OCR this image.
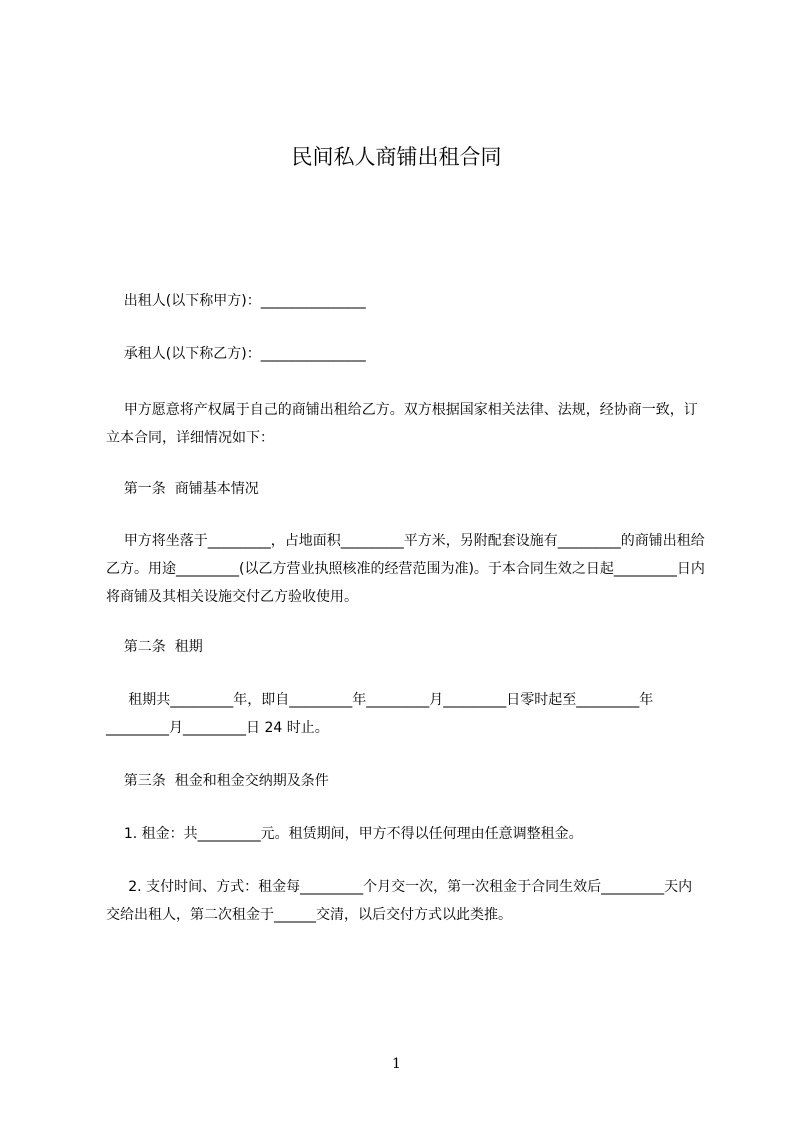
民间私人商铺出租合同

出租人(以下称甲方)：_______________

承租人(以下称乙方)：_______________

甲方愿意将产权属于自己的商铺出租给乙方。双方根据国家相关法律、法规，经协商一致，订立本合同，详细情况如下：

第一条  商铺基本情况

甲方将坐落于_________，占地面积_________平方米，另附配套设施有_________的商铺出租给乙方。用途_________(以乙方营业执照核准的经营范围为准)。于本合同生效之日起_________日内将商铺及其相关设施交付乙方验收使用。

第二条  租期

租期共_________年，即自_________年_________月_________日零时起至_________年_________月_________日 24 时止。

第三条  租金和租金交纳期及条件

1. 租金：共_________元。租赁期间，甲方不得以任何理由任意调整租金。

2. 支付时间、方式：租金每_________个月交一次，第一次租金于合同生效后_________天内交给出租人，第二次租金于______交清，以后交付方式以此类推。

1
